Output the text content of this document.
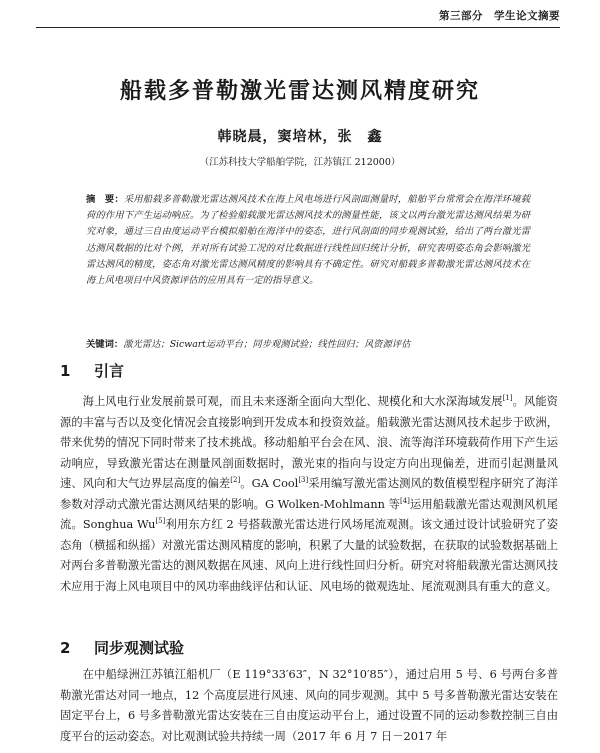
第三部分　学生论文摘要
船载多普勒激光雷达测风精度研究
韩晓晨，窦培林，张　鑫
（江苏科技大学船舶学院，江苏镇江 212000）
摘　要：采用船载多普勒激光雷达测风技术在海上风电场进行风剖面测量时，船舶平台常常会在海洋环境载荷的作用下产生运动响应。为了检验船载激光雷达测风技术的测量性能，该文以两台激光雷达测风结果为研究对象，通过三自由度运动平台模拟船舶在海洋中的姿态，进行风剖面的同步观测试验，给出了两台激光雷达测风数据的比对个例，并对所有试验工况的对比数据进行线性回归统计分析，研究表明姿态角会影响激光雷达测风的精度，姿态角对激光雷达测风精度的影响具有不确定性。研究对船载多普勒激光雷达测风技术在海上风电项目中风资源评估的应用具有一定的指导意义。
关键词：激光雷达；Sicwart运动平台；同步观测试验；线性回归；风资源评估
1 引言

海上风电行业发展前景可观，而且未来逐渐全面向大型化、规模化和大水深海域发展[1]。风能资源的丰富与否以及变化情况会直接影响到开发成本和投资效益。船载激光雷达测风技术起步于欧洲，带来优势的情况下同时带来了技术挑战。移动船舶平台会在风、浪、流等海洋环境载荷作用下产生运动响应，导致激光雷达在测量风剖面数据时，激光束的指向与设定方向出现偏差，进而引起测量风速、风向和大气边界层高度的偏差[2]。GA Cool[3]采用编写激光雷达测风的数值模型程序研究了海洋参数对浮动式激光雷达测风结果的影响。G Wolken-Mohlmann 等[4]运用船载激光雷达观测风机尾流。Songhua Wu[5]利用东方红 2 号搭载激光雷达进行风场尾流观测。该文通过设计试验研究了姿态角（横摇和纵摇）对激光雷达测风精度的影响，积累了大量的试验数据，在获取的试验数据基础上对两台多普勒激光雷达的测风数据在风速、风向上进行线性回归分析。研究对将船载激光雷达测风技术应用于海上风电项目中的风功率曲线评估和认证、风电场的微观选址、尾流观测具有重大的意义。

2 同步观测试验

在中船绿洲江苏镇江船机厂（E 119°33′63″，N 32°10′85″），通过启用 5 号、6 号两台多普勒激光雷达对同一地点，12 个高度层进行风速、风向的同步观测。其中 5 号多普勒激光雷达安装在固定平台上，6 号多普勒激光雷达安装在三自由度运动平台上，通过设置不同的运动参数控制三自由度平台的运动姿态。对比观测试验共持续一周（2017 年 6 月 7 日－2017 年
